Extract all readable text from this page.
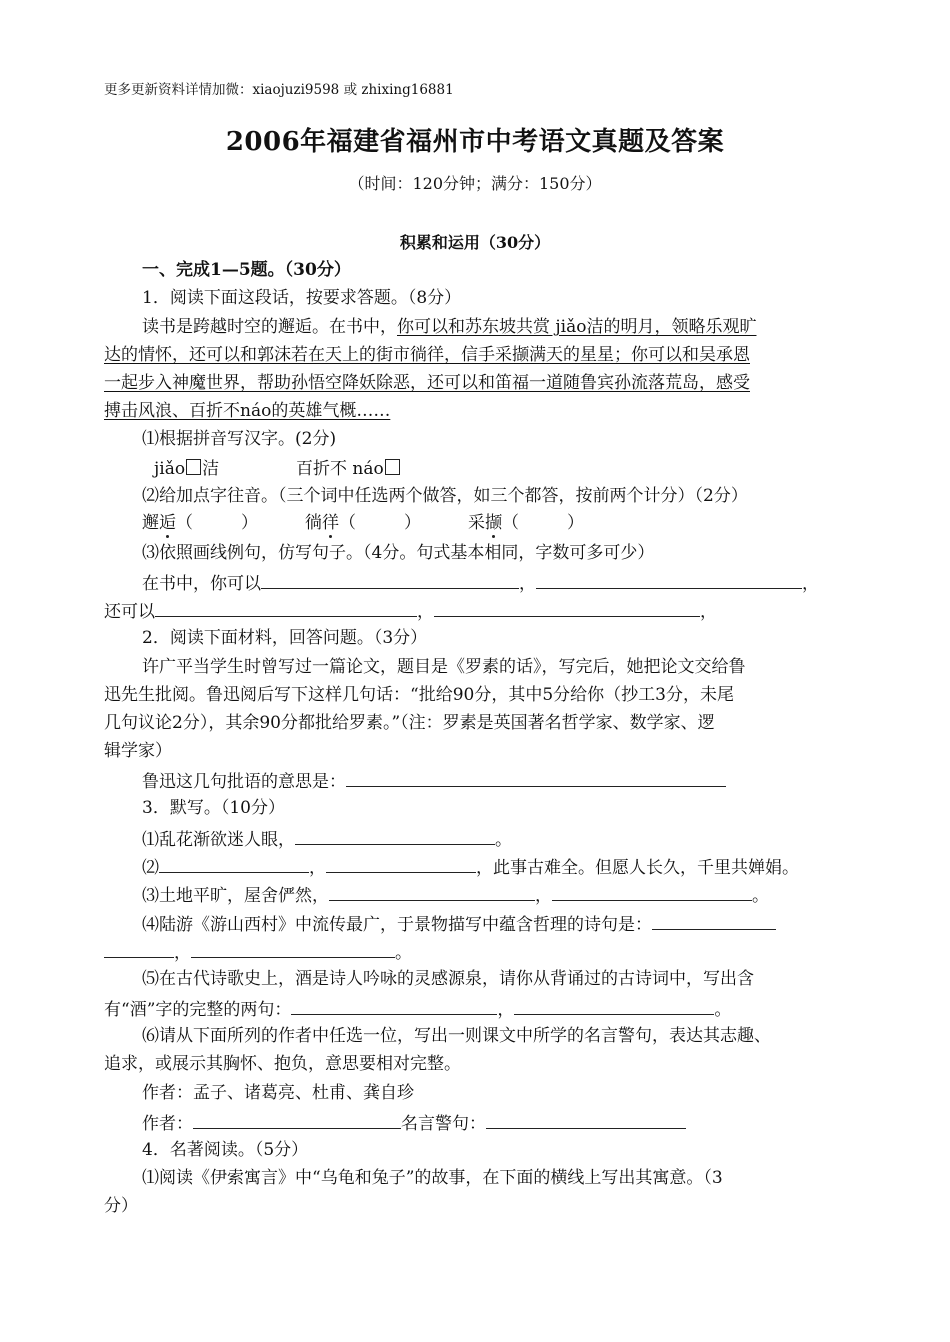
更多更新资料详情加微：xiaojuzi9598 或 zhixing16881
2006年福建省福州市中考语文真题及答案
（时间：120分钟；满分：150分）
积累和运用（30分）
一、完成1—5题。（30分）
1．阅读下面这段话，按要求答题。（8分）
读书是跨越时空的邂逅。在书中，你可以和苏东坡共赏 jiǎo洁的明月，领略乐观旷
达的情怀，还可以和郭沫若在天上的街市徜徉，信手采撷满天的星星；你可以和吴承恩
一起步入神魔世界，帮助孙悟空降妖除恶，还可以和笛福一道随鲁宾孙流落荒岛，感受
搏击风浪、百折不náo的英雄气概……
⑴根据拼音写汉字。(2分)
jiǎo 洁	百折不 náo
⑵给加点字往音。（三个词中任选两个做答，如三个都答，按前两个计分）（2分）
邂逅（	）	徜徉（	）	采撷（	）
⑶依照画线例句，仿写句子。（4分。句式基本相同，字数可多可少）
在书中，你可以	，	，
还可以	，	，
2．阅读下面材料，回答问题。（3分）
许广平当学生时曾写过一篇论文，题目是《罗素的话》，写完后，她把论文交给鲁
迅先生批阅。鲁迅阅后写下这样几句话：“批给90分，其中5分给你（抄工3分，未尾
几句议论2分），其余90分都批给罗素。”（注：罗素是英国著名哲学家、数学家、逻
辑学家）
鲁迅这几句批语的意思是：
3．默写。（10分）
⑴乱花渐欲迷人眼，	。
⑵	，	，此事古难全。但愿人长久，千里共婵娟。
⑶土地平旷，屋舍俨然，	，	。
⑷陆游《游山西村》中流传最广，于景物描写中蕴含哲理的诗句是：
，	。
⑸在古代诗歌史上，酒是诗人吟咏的灵感源泉，请你从背诵过的古诗词中，写出含
有“酒”字的完整的两句：	，	。
⑹请从下面所列的作者中任选一位，写出一则课文中所学的名言警句，表达其志趣、
追求，或展示其胸怀、抱负，意思要相对完整。
作者：孟子、诸葛亮、杜甫、龚自珍
作者：	名言警句：
4．名著阅读。（5分）
⑴阅读《伊索寓言》中“乌龟和兔子”的故事，在下面的横线上写出其寓意。（3
分）
